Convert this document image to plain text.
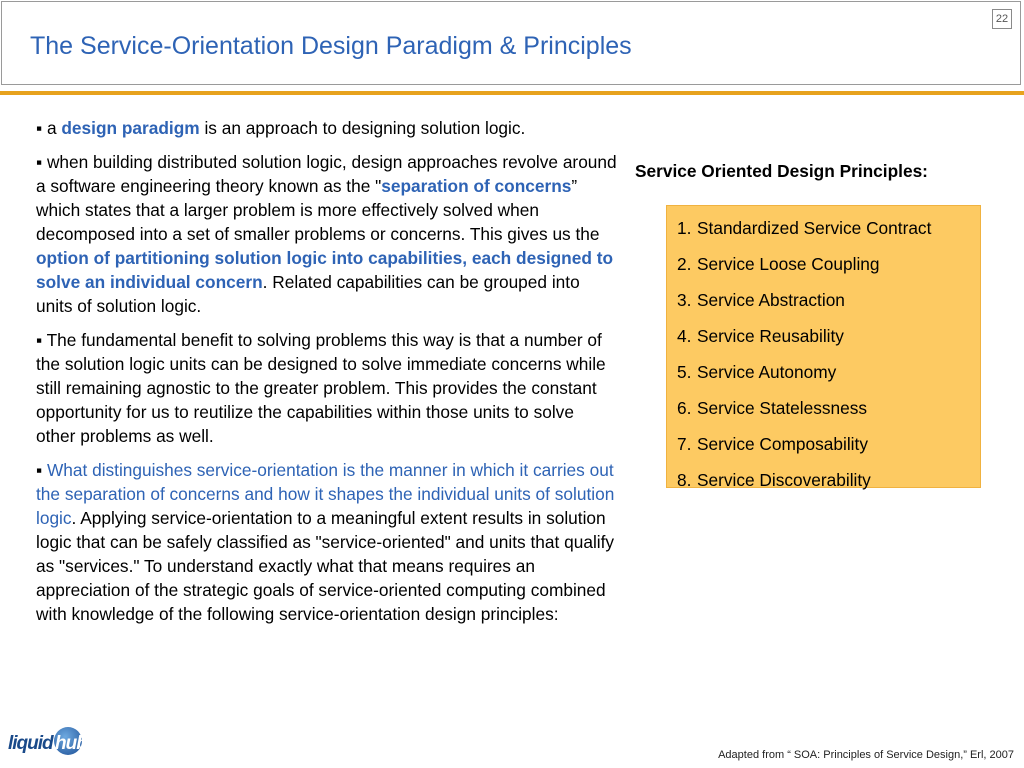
22
The Service-Orientation Design Paradigm & Principles

▪ a design paradigm is an approach to designing solution logic.

▪ when building distributed solution logic, design approaches revolve around a software engineering theory known as the "separation of concerns” which states that a larger problem is more effectively solved when decomposed into a set of smaller problems or concerns. This gives us the option of partitioning solution logic into capabilities, each designed to solve an individual concern. Related capabilities can be grouped into units of solution logic.

▪ The fundamental benefit to solving problems this way is that a number of the solution logic units can be designed to solve immediate concerns while still remaining agnostic to the greater problem. This provides the constant opportunity for us to reutilize the capabilities within those units to solve other problems as well.

▪ What distinguishes service-orientation is the manner in which it carries out the separation of concerns and how it shapes the individual units of solution logic. Applying service-orientation to a meaningful extent results in solution logic that can be safely classified as "service-oriented" and units that qualify as "services." To understand exactly what that means requires an appreciation of the strategic goals of service-oriented computing combined with knowledge of the following service-orientation design principles:

Service Oriented Design Principles:
1. Standardized Service Contract
2. Service Loose Coupling
3. Service Abstraction
4. Service Reusability
5. Service Autonomy
6. Service Statelessness
7. Service Composability
8. Service Discoverability
liquid hub
Adapted from “ SOA: Principles of Service Design,” Erl, 2007
